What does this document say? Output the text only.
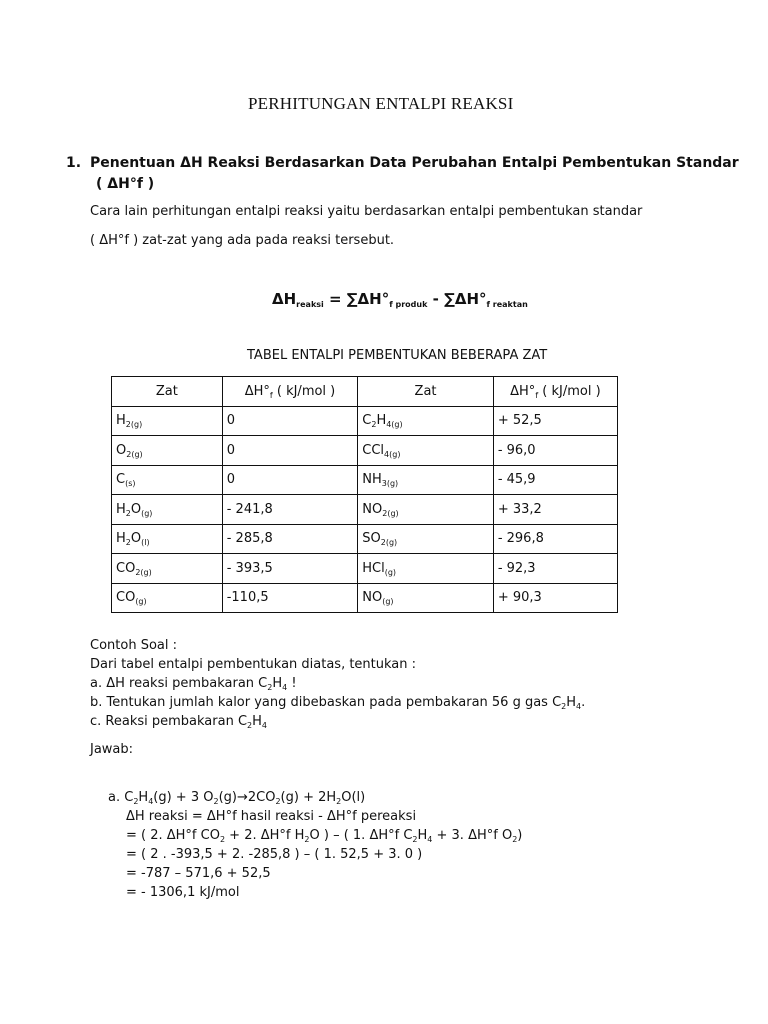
PERHITUNGAN ENTALPI REAKSI
1. Penentuan ΔH Reaksi Berdasarkan Data Perubahan Entalpi Pembentukan Standar
( ΔH°f )
Cara lain perhitungan entalpi reaksi yaitu berdasarkan entalpi pembentukan standar
( ΔH°f ) zat-zat yang ada pada reaksi tersebut.
$\Delta H_{reaksi} = \sum\Delta H^\circ_{f produk} - \sum\Delta H^\circ_{f reaktan}$
TABEL ENTALPI PEMBENTUKAN BEBERAPA ZAT
Zat	$\Delta H^\circ_f$ ( kJ/mol )	Zat	$\Delta H^\circ_f$ ( kJ/mol )
$H_{2(g)}$	0	$C_2H_{4(g)}$	+ 52,5
$O_{2(g)}$	0	CCl$_{4(g)}$	- 96,0
$C_{(s)}$	0	$NH_{3(g)}$	- 45,9
$H_2O_{(g)}$	- 241,8	$NO_{2(g)}$	+ 33,2
$H_2O_{(l)}$	- 285,8	$SO_{2(g)}$	- 296,8
$CO_{2(g)}$	- 393,5	HCl$_{(g)}$	- 92,3
$CO_{(g)}$	-110,5	$NO_{(g)}$	+ 90,3
Contoh Soal :
Dari tabel entalpi pembentukan diatas, tentukan :
a. ΔH reaksi pembakaran $C_2H_4$ !
b. Tentukan jumlah kalor yang dibebaskan pada pembakaran 56 g gas $C_2H_4$.
c. Reaksi pembakaran $C_2H_4$
Jawab:
a. $C_2H_4(g) + 3$ $O_2(g)\to 2CO_2(g) + 2H_2O(l)$
ΔH reaksi = ΔH°f hasil reaksi - ΔH°f pereaksi
= ( 2. ΔH°f $CO_2 + 2$. ΔH°f $H_2O$ ) – ( 1. ΔH°f $C_2H_4 + 3$. ΔH°f $O_2$)
= ( 2 . -393,5 + 2. -285,8 ) – ( 1. 52,5 + 3. 0 )
= -787 – 571,6 + 52,5
= - 1306,1 kJ/mol
